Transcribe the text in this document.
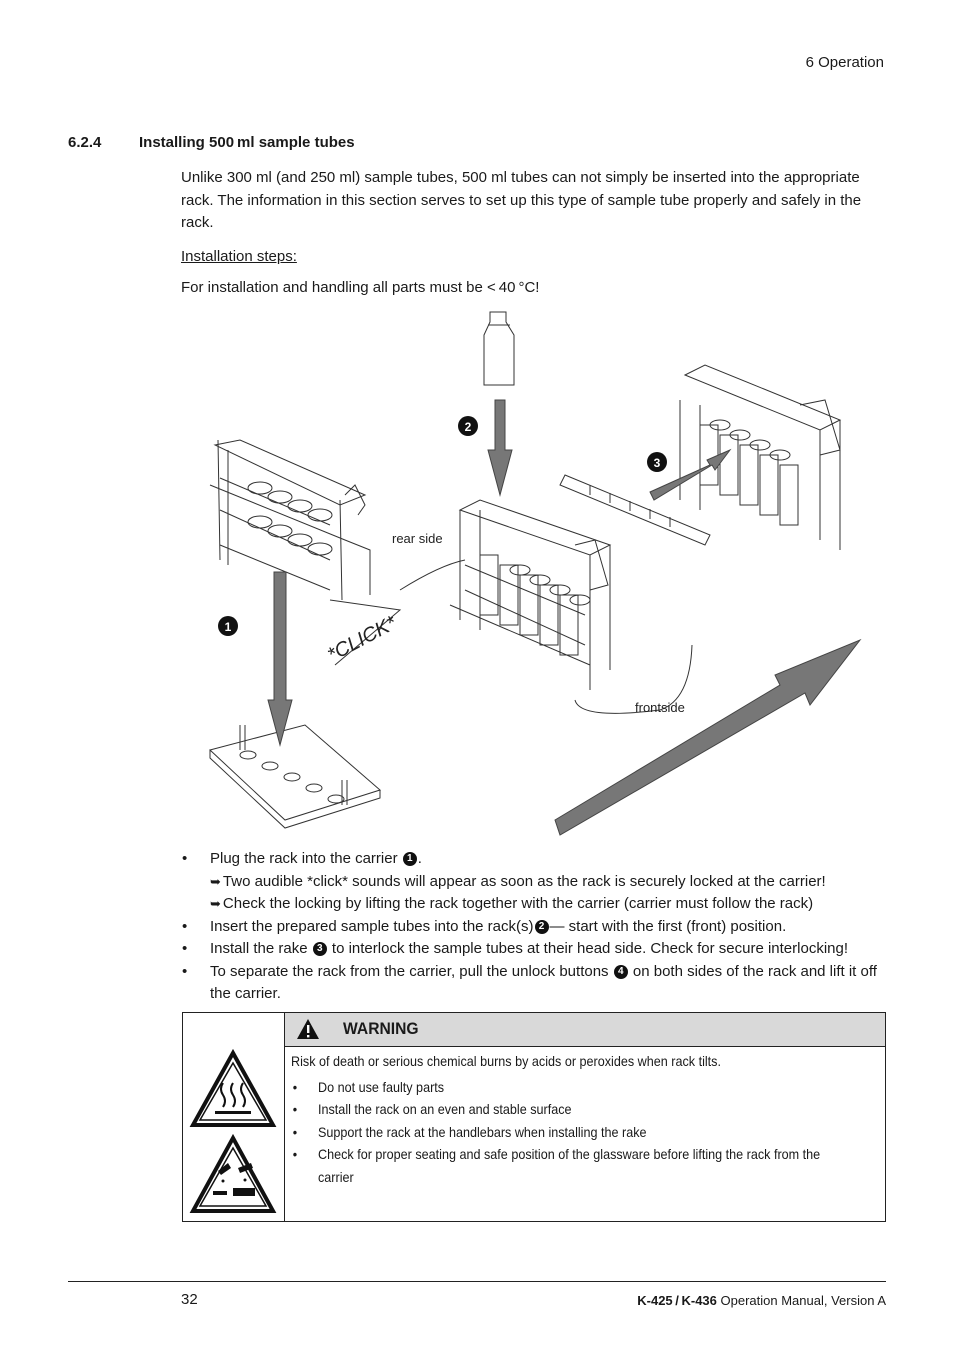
6 Operation
6.2.4	Installing 500 ml sample tubes
Unlike 300 ml (and 250 ml) sample tubes, 500 ml tubes can not simply be inserted into the appropriate rack. The information in this section serves to set up this type of sample tube properly and safely in the rack.
Installation steps:
For installation and handling all parts must be < 40 °C!
1
2
3
rear side
frontside
*CLICK*
• Plug the rack into the carrier 1 .
➥ Two audible *click* sounds will appear as soon as the rack is securely locked at the carrier!
➥ Check the locking by lifting the rack together with the carrier (carrier must follow the rack)
• Insert the prepared sample tubes into the rack(s) 2 — start with the first (front) position.
• Install the rake 3 to interlock the sample tubes at their head side. Check for secure interlocking!
• To separate the rack from the carrier, pull the unlock buttons 4 on both sides of the rack and lift it off the carrier.
WARNING
Risk of death or serious chemical burns by acids or peroxides when rack tilts.
• Do not use faulty parts
• Install the rack on an even and stable surface
• Support the rack at the handlebars when installing the rake
• Check for proper seating and safe position of the glassware before lifting the rack from the carrier
32	K-425 / K-436 Operation Manual, Version A
